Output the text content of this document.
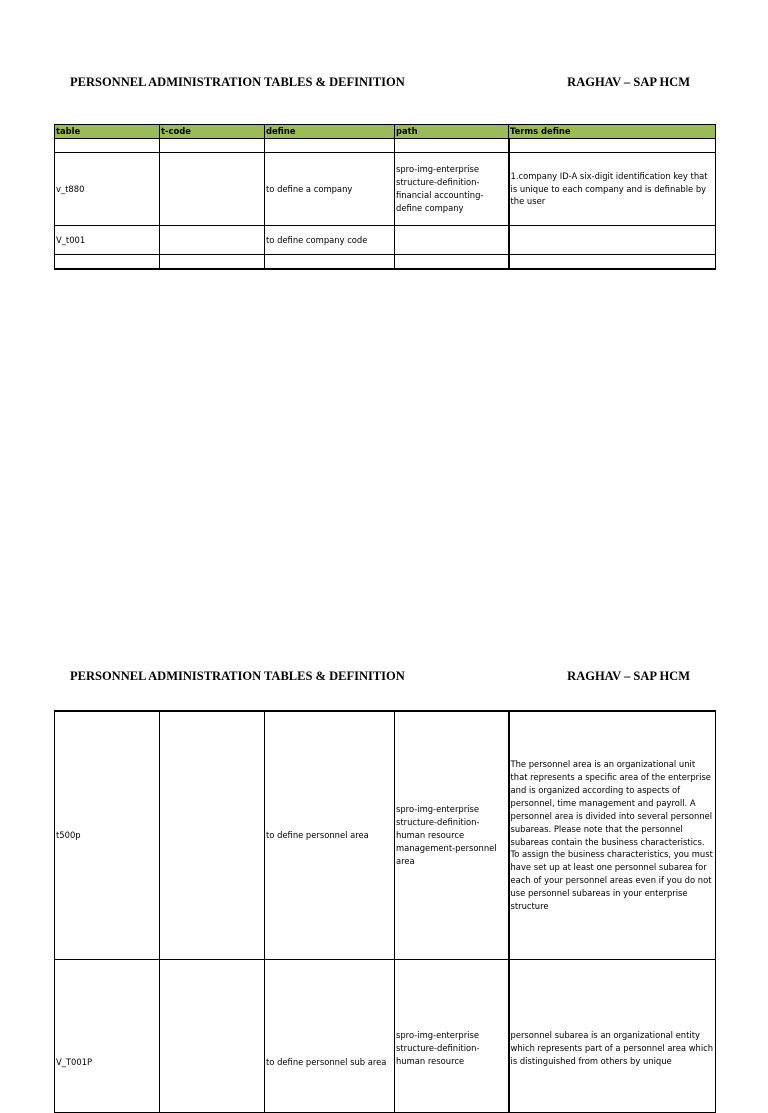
PERSONNEL ADMINISTRATION TABLES & DEFINITION	RAGHAV – SAP HCM
table	t-code	define	path	Terms define

v_t880		to define a company	spro-img-enterprise structure-definition-financial accounting-define company	1.company ID-A six-digit identification key that is unique to each company and is definable by the user
V_t001		to define company code		

PERSONNEL ADMINISTRATION TABLES & DEFINITION	RAGHAV – SAP HCM
t500p		to define personnel area	spro-img-enterprise structure-definition-human resource management-personnel area	The personnel area is an organizational unit that represents a specific area of the enterprise and is organized according to aspects of personnel, time management and payroll. A personnel area is divided into several personnel subareas. Please note that the personnel subareas contain the business characteristics. To assign the business characteristics, you must have set up at least one personnel subarea for each of your personnel areas even if you do not use personnel subareas in your enterprise structure
V_T001P		to define personnel sub area	spro-img-enterprise structure-definition-human resource	personnel subarea is an organizational entity which represents part of a personnel area which is distinguished from others by unique
